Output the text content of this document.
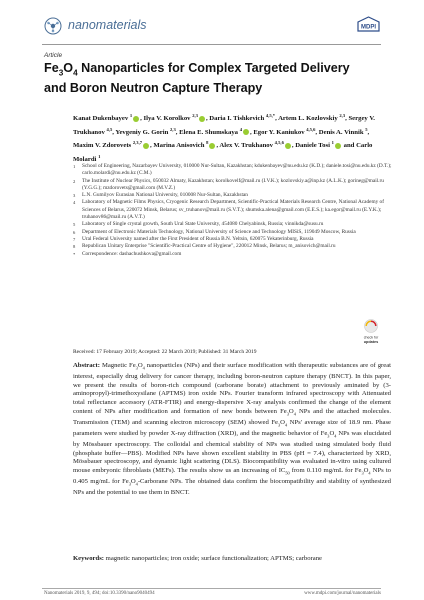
nanomaterials	MDPI
Article
$Fe_3O_4$ Nanoparticles for Complex Targeted Delivery and Boron Neutron Capture Therapy
Kanat Dukenbayev $^1$ , Ilya V. Korolkov $^{2,3}$ , Daria I. Tishkevich $^{4,5,*}$, Artem L. Kozlovskiy $^{2,3}$, Sergey V. Trukhanov $^{4,5}$, Yevgeniy G. Gorin $^{2,3}$, Elena E. Shumskaya $^4$ , Egor Y. Kaniukov $^{4,5,6}$, Denis A. Vinnik $^5$, Maxim V. Zdorovets $^{2,3,7}$ , Marina Anisovich $^8$ , Alex V. Trukhanov $^{4,5,6}$ , Daniele Tosi $^1$ and Carlo Molardi $^1$
1 School of Engineering, Nazarbayev University, 010000 Nur-Sultan, Kazakhstan; kdukenbayev@nu.edu.kz (K.D.); daniele.tosi@nu.edu.kz (D.T.); carlo.molardi@nu.edu.kz (C.M.)
2 The Institute of Nuclear Physics, 050032 Almaty, Kazakhstan; korolkovelf@mail.ru (I.V.K.); kozlovskiy.a@inp.kz (A.L.K.); gorineg@mail.ru (Y.G.G.); mzdorovets@gmail.com (M.V.Z.)
3 L.N. Gumilyov Eurasian National University, 010008 Nur-Sultan, Kazakhstan
4 Laboratory of Magnetic Films Physics, Cryogenic Research Department, Scientific-Practical Materials Research Centre, National Academy of Sciences of Belarus, 220072 Minsk, Belarus; sv_truhanov@mail.ru (S.V.T.); shumska.alena@gmail.com (E.E.S.); ka.egor@mail.ru (E.Y.K.); truhanov86@mail.ru (A.V.T.)
5 Laboratory of Single crystal growth, South Ural State University, 454080 Chelyabinsk, Russia; vinnikda@susu.ru
6 Department of Electronic Materials Technology, National University of Science and Technology MISiS, 119049 Moscow, Russia
7 Ural Federal University named after the First President of Russia B.N. Yeltsin, 620075 Yekaterinburg, Russia
8 Republican Unitary Enterprise "Scientific-Practical Centre of Hygiene", 220012 Minsk, Belarus; m_anisovich@mail.ru
* Correspondence: dashachushkova@gmail.com
Received: 17 February 2019; Accepted: 22 March 2019; Published: 31 March 2019
check for
updates
Abstract: Magnetic $Fe_3O_4$ nanoparticles (NPs) and their surface modification with therapeutic substances are of great interest, especially drug delivery for cancer therapy, including boron-neutron capture therapy (BNCT). In this paper, we present the results of boron-rich compound (carborane borate) attachment to previously aminated by (3-aminopropyl)-trimethoxysilane (APTMS) iron oxide NPs. Fourier transform infrared spectroscopy with Attenuated total reflectance accessory (ATR-FTIR) and energy-dispersive X-ray analysis confirmed the change of the element content of NPs after modification and formation of new bonds between $Fe_3O_4$ NPs and the attached molecules. Transmission (TEM) and scanning electron microscopy (SEM) showed $Fe_3O_4$ NPs' average size of 18.9 nm. Phase parameters were studied by powder X-ray diffraction (XRD), and the magnetic behavior of $Fe_3O_4$ NPs was elucidated by Mössbauer spectroscopy. The colloidal and chemical stability of NPs was studied using simulated body fluid (phosphate buffer—PBS). Modified NPs have shown excellent stability in PBS (pH = 7.4), characterized by XRD, Mössbauer spectroscopy, and dynamic light scattering (DLS). Biocompatibility was evaluated in-vitro using cultured mouse embryonic fibroblasts (MEFs). The results show us an increasing of $IC_{50}$ from 0.110 mg/mL for $Fe_3O_4$ NPs to 0.405 mg/mL for $Fe_3O_4$-Carborane NPs. The obtained data confirm the biocompatibility and stability of synthesized NPs and the potential to use them in BNCT.
Keywords: magnetic nanoparticles; iron oxide; surface functionalization; APTMS; carborane
Nanomaterials 2019, 9, 494; doi:10.3390/nano9040494	www.mdpi.com/journal/nanomaterials
